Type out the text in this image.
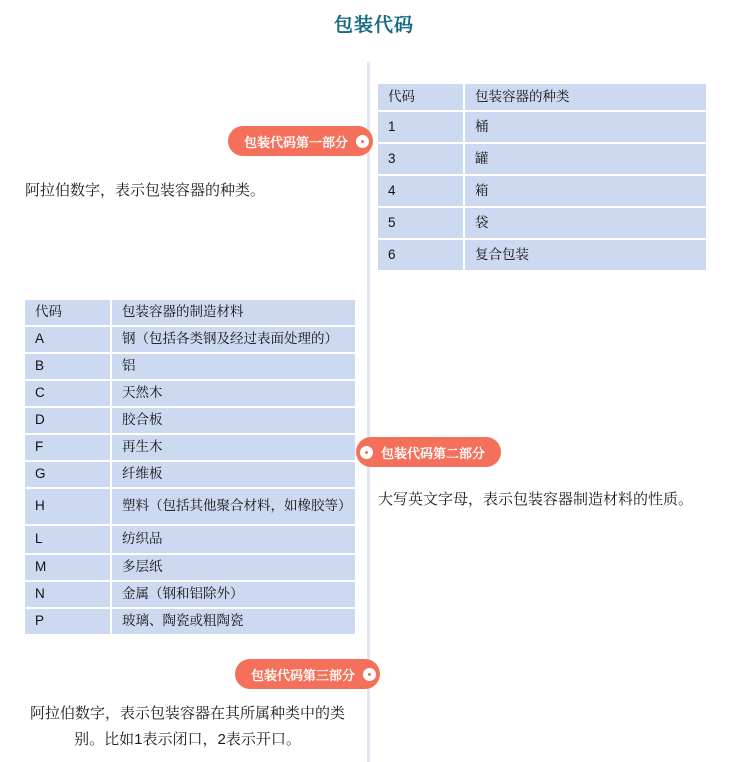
包装代码
代码	包装容器的种类
1	桶
3	罐
4	箱
5	袋
6	复合包装
包装代码第一部分
阿拉伯数字，表示包装容器的种类。
代码	包装容器的制造材料
A	钢（包括各类钢及经过表面处理的）
B	铝
C	天然木
D	胶合板
F	再生木
G	纤维板
H	塑料（包括其他聚合材料，如橡胶等）
L	纺织品
M	多层纸
N	金属（钢和铝除外）
P	玻璃、陶瓷或粗陶瓷
包装代码第二部分
大写英文字母，表示包装容器制造材料的性质。
包装代码第三部分
阿拉伯数字，表示包装容器在其所属种类中的类别。比如1表示闭口，2表示开口。
